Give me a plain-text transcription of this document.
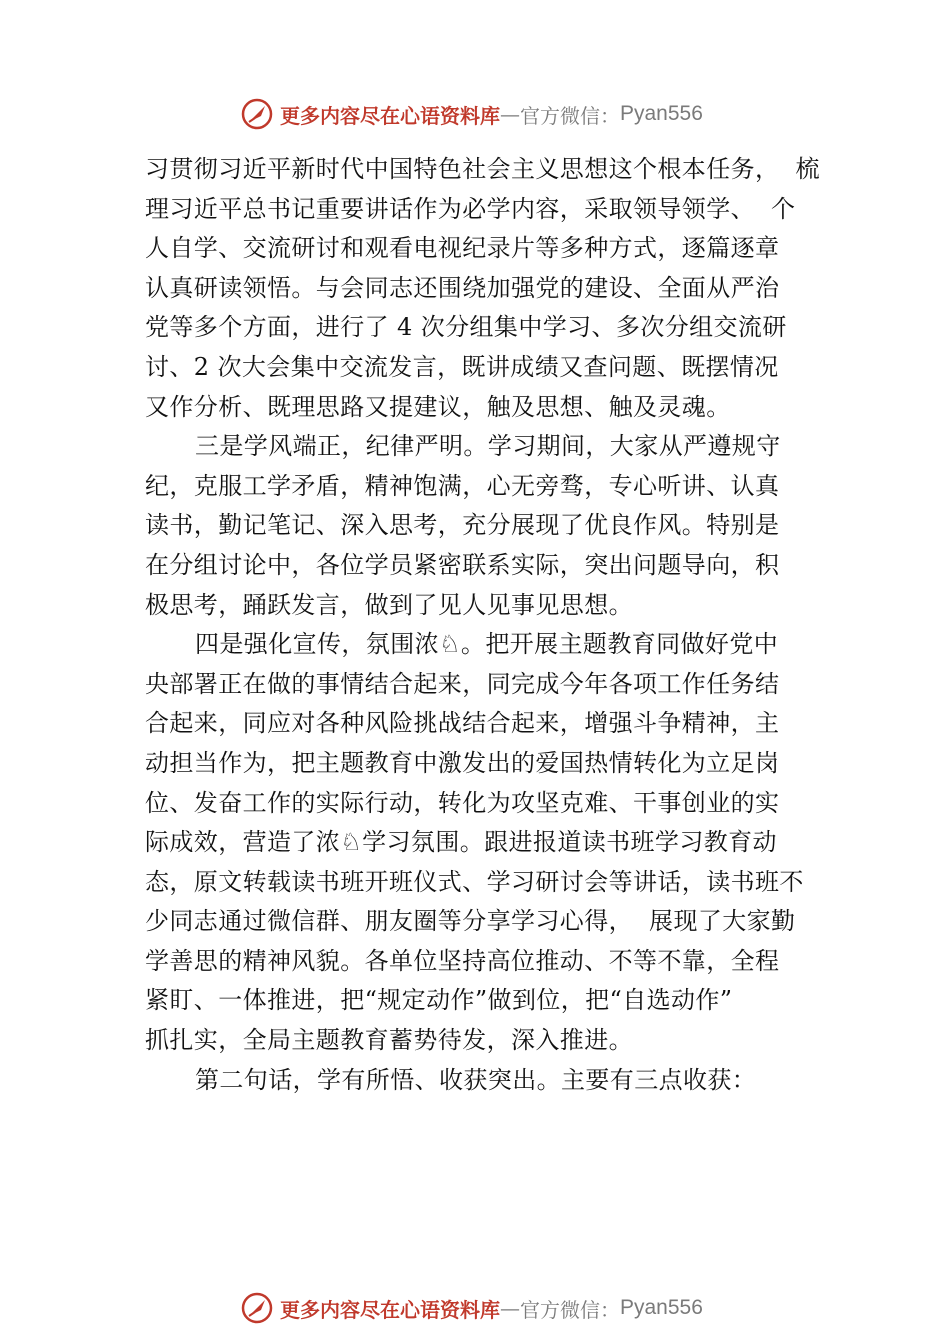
更多内容尽在心语资料库 — 官方微信： Pyan556
习贯彻习近平新时代中国特色社会主义思想这个根本任务，  梳
理习近平总书记重要讲话作为必学内容，采取领导领学、  个
人自学、交流研讨和观看电视纪录片等多种方式，逐篇逐章
认真研读领悟。与会同志还围绕加强党的建设、全面从严治
党等多个方面，进行了 4 次分组集中学习、多次分组交流研
讨、2 次大会集中交流发言，既讲成绩又查问题、既摆情况
又作分析、既理思路又提建议，触及思想、触及灵魂。
三是学风端正，纪律严明。学习期间，大家从严遵规守
纪，克服工学矛盾，精神饱满，心无旁骛，专心听讲、认真
读书，勤记笔记、深入思考，充分展现了优良作风。特别是
在分组讨论中，各位学员紧密联系实际，突出问题导向，积
极思考，踊跃发言，做到了见人见事见思想。
四是强化宣传，氛围浓♘。把开展主题教育同做好党中
央部署正在做的事情结合起来，同完成今年各项工作任务结
合起来，同应对各种风险挑战结合起来，增强斗争精神，主
动担当作为，把主题教育中激发出的爱国热情转化为立足岗
位、发奋工作的实际行动，转化为攻坚克难、干事创业的实
际成效，营造了浓♘学习氛围。跟进报道读书班学习教育动
态，原文转载读书班开班仪式、学习研讨会等讲话，读书班不
少同志通过微信群、朋友圈等分享学习心得，  展现了大家勤
学善思的精神风貌。各单位坚持高位推动、不等不靠，全程
紧盯、一体推进，把“规定动作”做到位，把“自选动作”
抓扎实，全局主题教育蓄势待发，深入推进。
第二句话，学有所悟、收获突出。主要有三点收获：
更多内容尽在心语资料库 — 官方微信： Pyan556
